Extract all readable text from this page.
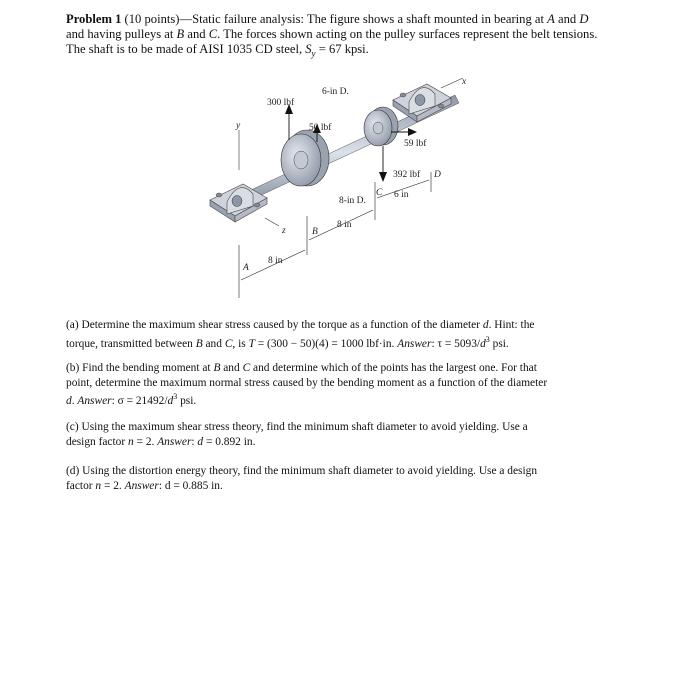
Problem 1 (10 points)—Static failure analysis: The figure shows a shaft mounted in bearing at A and D
and having pulleys at B and C. The forces shown acting on the pulley surfaces represent the belt tensions.
The shaft is to be made of AISI 1035 CD steel, $S_y = 67$ kpsi.
6-in D.
300 lbf
50 lbf
59 lbf
392 lbf D
8-in D.
C 6 in
B
8 in
A
8 in
x
y
z
(a) Determine the maximum shear stress caused by the torque as a function of the diameter d. Hint: the
torque, transmitted between B and C, is T = (300 − 50)(4) = 1000 lbf·in. Answer: $\tau = 5093/d^3$ psi.
(b) Find the bending moment at B and C and determine which of the points has the largest one. For that
point, determine the maximum normal stress caused by the bending moment as a function of the diameter
d. Answer: $\sigma = 21492/d^3$ psi.
(c) Using the maximum shear stress theory, find the minimum shaft diameter to avoid yielding. Use a
design factor n = 2. Answer: d = 0.892 in.
(d) Using the distortion energy theory, find the minimum shaft diameter to avoid yielding. Use a design
factor n = 2. Answer: d = 0.885 in.
